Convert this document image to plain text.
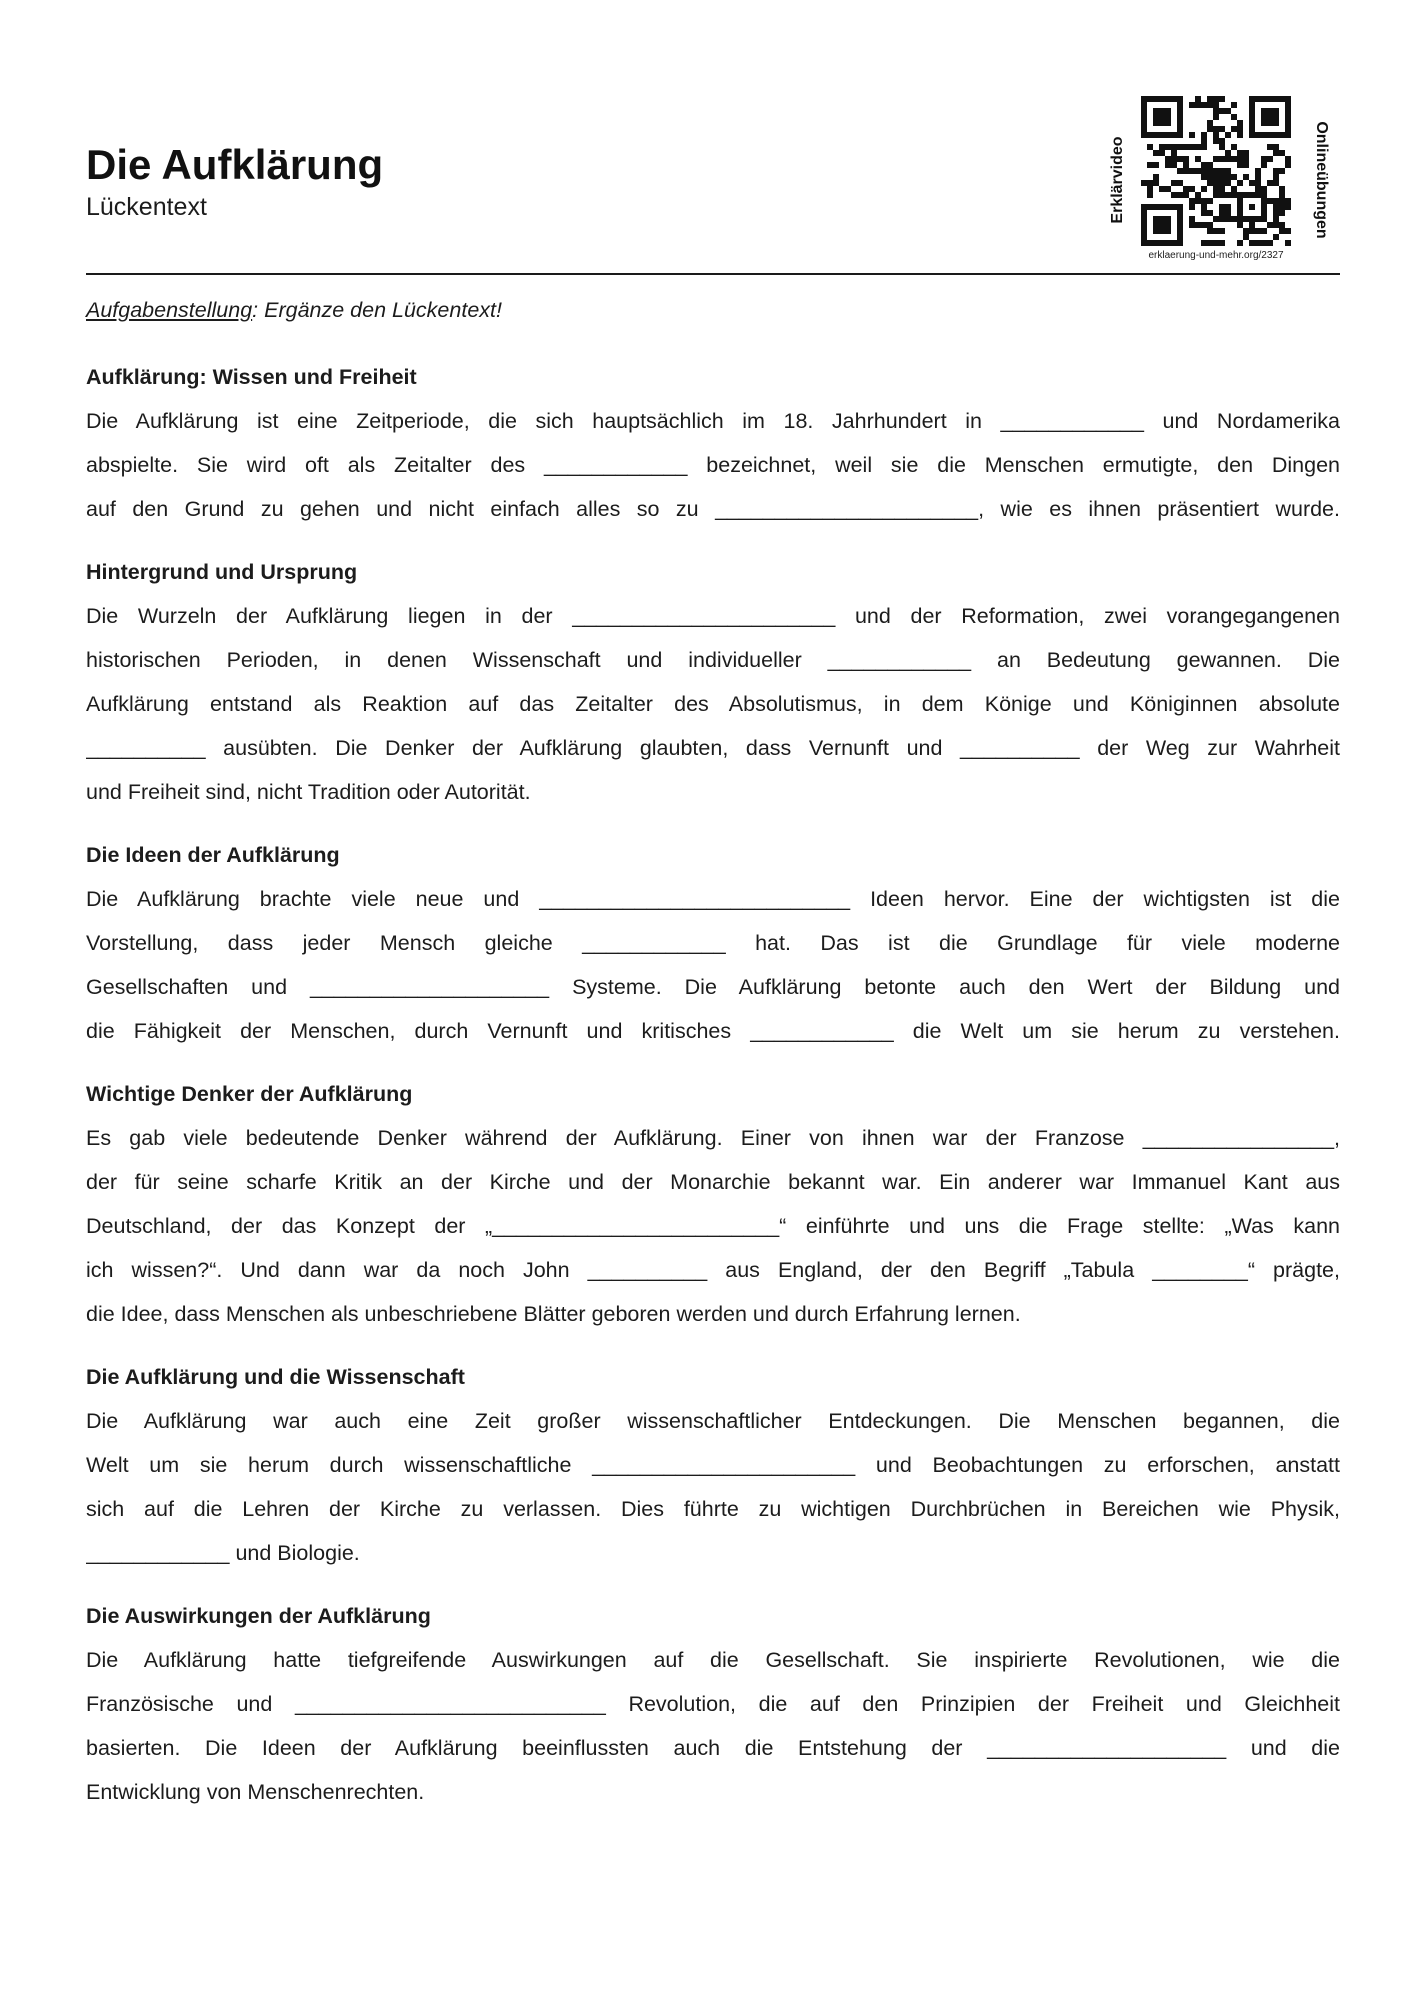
Die Aufklärung
Lückentext	Erklärvideo	Onlineübungen
erklaerung-und-mehr.org/2327
Aufgabenstellung: Ergänze den Lückentext!
Aufklärung: Wissen und Freiheit
Die Aufklärung ist eine Zeitperiode, die sich hauptsächlich im 18. Jahrhundert in ____________ und Nordamerika
abspielte. Sie wird oft als Zeitalter des ____________ bezeichnet, weil sie die Menschen ermutigte, den Dingen
auf den Grund zu gehen und nicht einfach alles so zu ______________________, wie es ihnen präsentiert wurde.
Hintergrund und Ursprung
Die Wurzeln der Aufklärung liegen in der ______________________ und der Reformation, zwei vorangegangenen
historischen Perioden, in denen Wissenschaft und individueller ____________ an Bedeutung gewannen. Die
Aufklärung entstand als Reaktion auf das Zeitalter des Absolutismus, in dem Könige und Königinnen absolute
__________ ausübten. Die Denker der Aufklärung glaubten, dass Vernunft und __________ der Weg zur Wahrheit
und Freiheit sind, nicht Tradition oder Autorität.
Die Ideen der Aufklärung
Die Aufklärung brachte viele neue und __________________________ Ideen hervor. Eine der wichtigsten ist die
Vorstellung, dass jeder Mensch gleiche ____________ hat. Das ist die Grundlage für viele moderne
Gesellschaften und ____________________ Systeme. Die Aufklärung betonte auch den Wert der Bildung und
die Fähigkeit der Menschen, durch Vernunft und kritisches ____________ die Welt um sie herum zu verstehen.
Wichtige Denker der Aufklärung
Es gab viele bedeutende Denker während der Aufklärung. Einer von ihnen war der Franzose ________________,
der für seine scharfe Kritik an der Kirche und der Monarchie bekannt war. Ein anderer war Immanuel Kant aus
Deutschland, der das Konzept der „________________________“ einführte und uns die Frage stellte: „Was kann
ich wissen?“. Und dann war da noch John __________ aus England, der den Begriff „Tabula ________“ prägte,
die Idee, dass Menschen als unbeschriebene Blätter geboren werden und durch Erfahrung lernen.
Die Aufklärung und die Wissenschaft
Die Aufklärung war auch eine Zeit großer wissenschaftlicher Entdeckungen. Die Menschen begannen, die
Welt um sie herum durch wissenschaftliche ______________________ und Beobachtungen zu erforschen, anstatt
sich auf die Lehren der Kirche zu verlassen. Dies führte zu wichtigen Durchbrüchen in Bereichen wie Physik,
____________ und Biologie.
Die Auswirkungen der Aufklärung
Die Aufklärung hatte tiefgreifende Auswirkungen auf die Gesellschaft. Sie inspirierte Revolutionen, wie die
Französische und __________________________ Revolution, die auf den Prinzipien der Freiheit und Gleichheit
basierten. Die Ideen der Aufklärung beeinflussten auch die Entstehung der ____________________ und die
Entwicklung von Menschenrechten.
